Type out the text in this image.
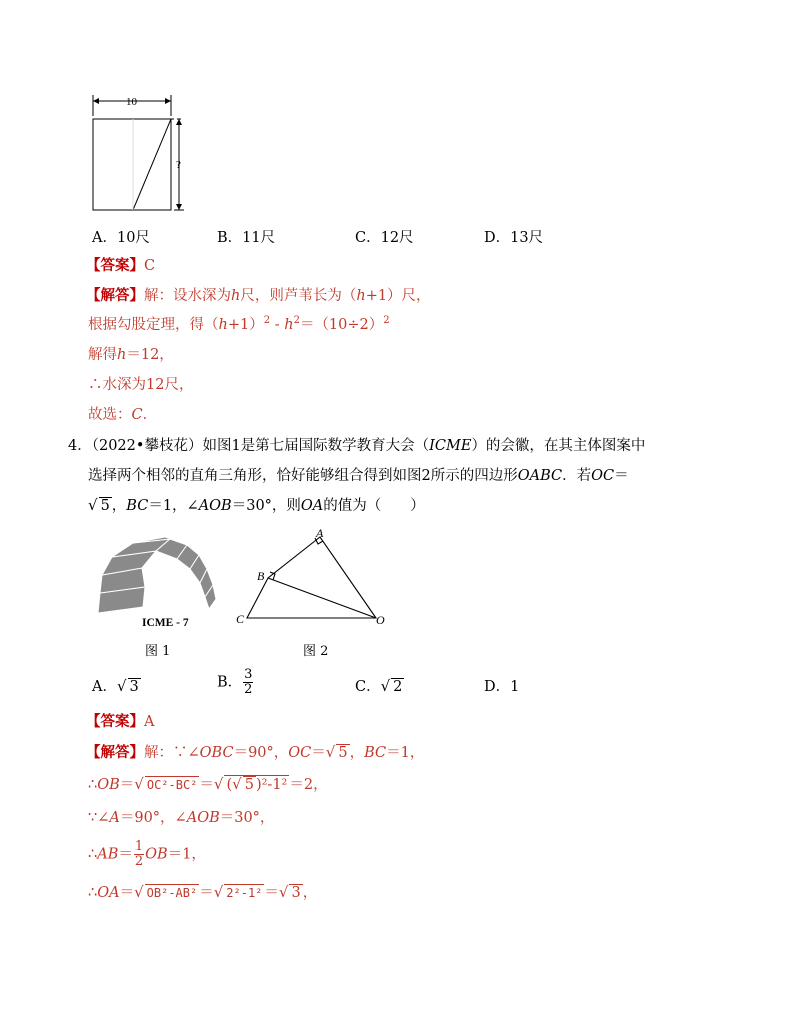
10
?
A．10尺	B．11尺	C．12尺	D．13尺
【答案】C
【解答】解：设水深为h尺，则芦苇长为（h+1）尺，
根据勾股定理，得$(h+1)^2 - h^2=(10\div 2)^2$
解得h＝12，
∴水深为12尺，
故选：C．
4．（2022•攀枝花）如图1是第七届国际数学教育大会（ICME）的会徽，在其主体图案中
选择两个相邻的直角三角形，恰好能够组合得到如图2所示的四边形OABC．若OC＝
√ 5 ，BC＝1，∠AOB＝30°，则OA的值为（　　）
ICME - 7
图 1
A
B
C	O
图 2
A．√ 3	B． $\frac{3}{2}$	C．√ 2	D．1
【答案】A
【解答】解：∵∠OBC＝90°，OC＝√ 5 ，BC＝1，
∴OB＝√ OC²-BC² ＝√ (√ 5 )²-1² ＝2，
∵∠A＝90°，∠AOB＝30°，
∴AB＝ $\frac{1}{2} OB=1$，
∴OA＝√ OB²-AB² ＝√ 2²-1² ＝√ 3 ，
